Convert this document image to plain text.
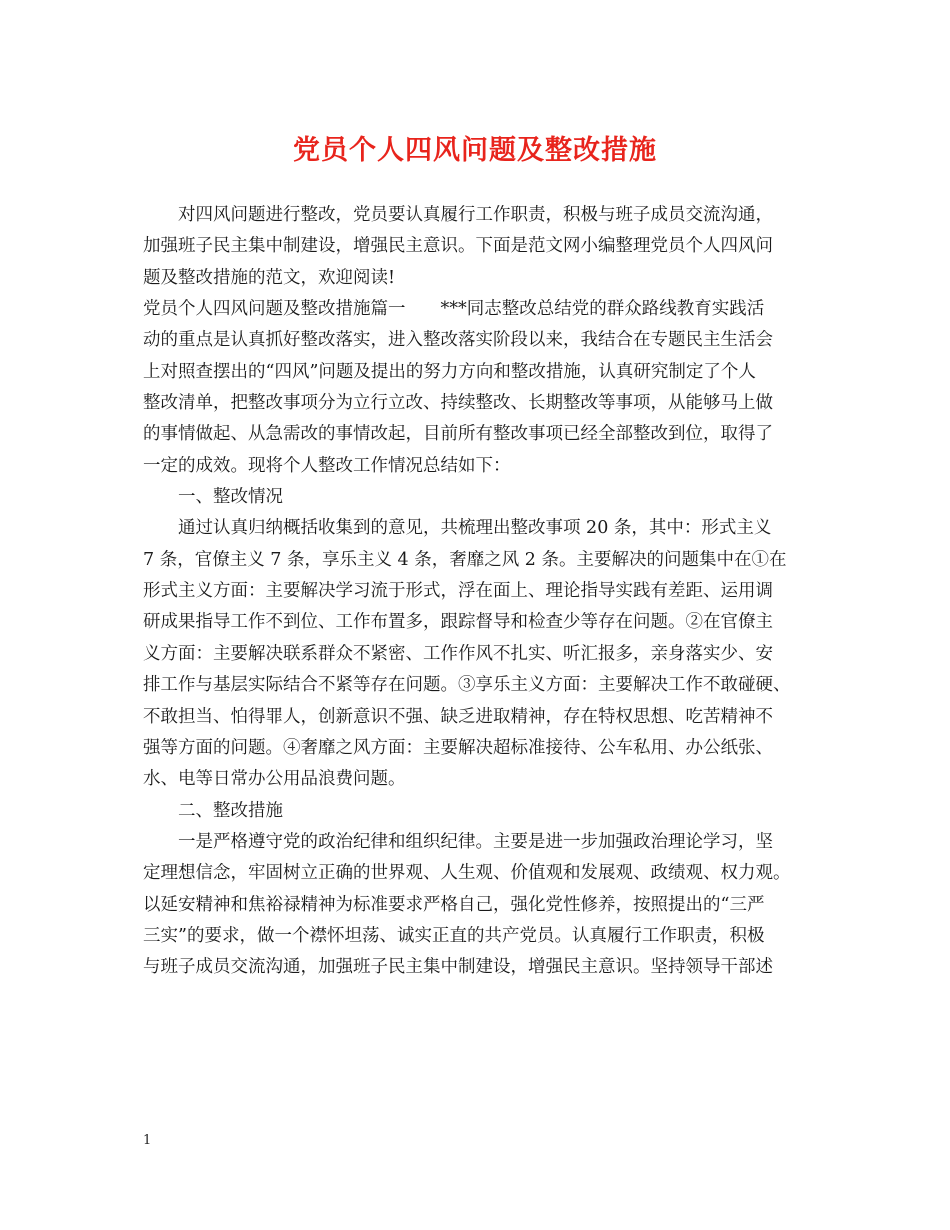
党员个人四风问题及整改措施
对四风问题进行整改，党员要认真履行工作职责，积极与班子成员交流沟通，
加强班子民主集中制建设，增强民主意识。下面是范文网小编整理党员个人四风问
题及整改措施的范文，欢迎阅读!
党员个人四风问题及整改措施篇一　　***同志整改总结党的群众路线教育实践活
动的重点是认真抓好整改落实，进入整改落实阶段以来，我结合在专题民主生活会
上对照查摆出的“四风”问题及提出的努力方向和整改措施，认真研究制定了个人
整改清单，把整改事项分为立行立改、持续整改、长期整改等事项，从能够马上做
的事情做起、从急需改的事情改起，目前所有整改事项已经全部整改到位，取得了
一定的成效。现将个人整改工作情况总结如下：
一、整改情况
通过认真归纳概括收集到的意见，共梳理出整改事项 20 条，其中：形式主义
7 条，官僚主义 7 条，享乐主义 4 条，奢靡之风 2 条。主要解决的问题集中在①在
形式主义方面：主要解决学习流于形式，浮在面上、理论指导实践有差距、运用调
研成果指导工作不到位、工作布置多，跟踪督导和检查少等存在问题。②在官僚主
义方面：主要解决联系群众不紧密、工作作风不扎实、听汇报多，亲身落实少、安
排工作与基层实际结合不紧等存在问题。③享乐主义方面：主要解决工作不敢碰硬、
不敢担当、怕得罪人，创新意识不强、缺乏进取精神，存在特权思想、吃苦精神不
强等方面的问题。④奢靡之风方面：主要解决超标准接待、公车私用、办公纸张、
水、电等日常办公用品浪费问题。
二、整改措施
一是严格遵守党的政治纪律和组织纪律。主要是进一步加强政治理论学习，坚
定理想信念，牢固树立正确的世界观、人生观、价值观和发展观、政绩观、权力观。
以延安精神和焦裕禄精神为标准要求严格自己，强化党性修养，按照提出的“三严
三实”的要求，做一个襟怀坦荡、诚实正直的共产党员。认真履行工作职责，积极
与班子成员交流沟通，加强班子民主集中制建设，增强民主意识。坚持领导干部述
1
